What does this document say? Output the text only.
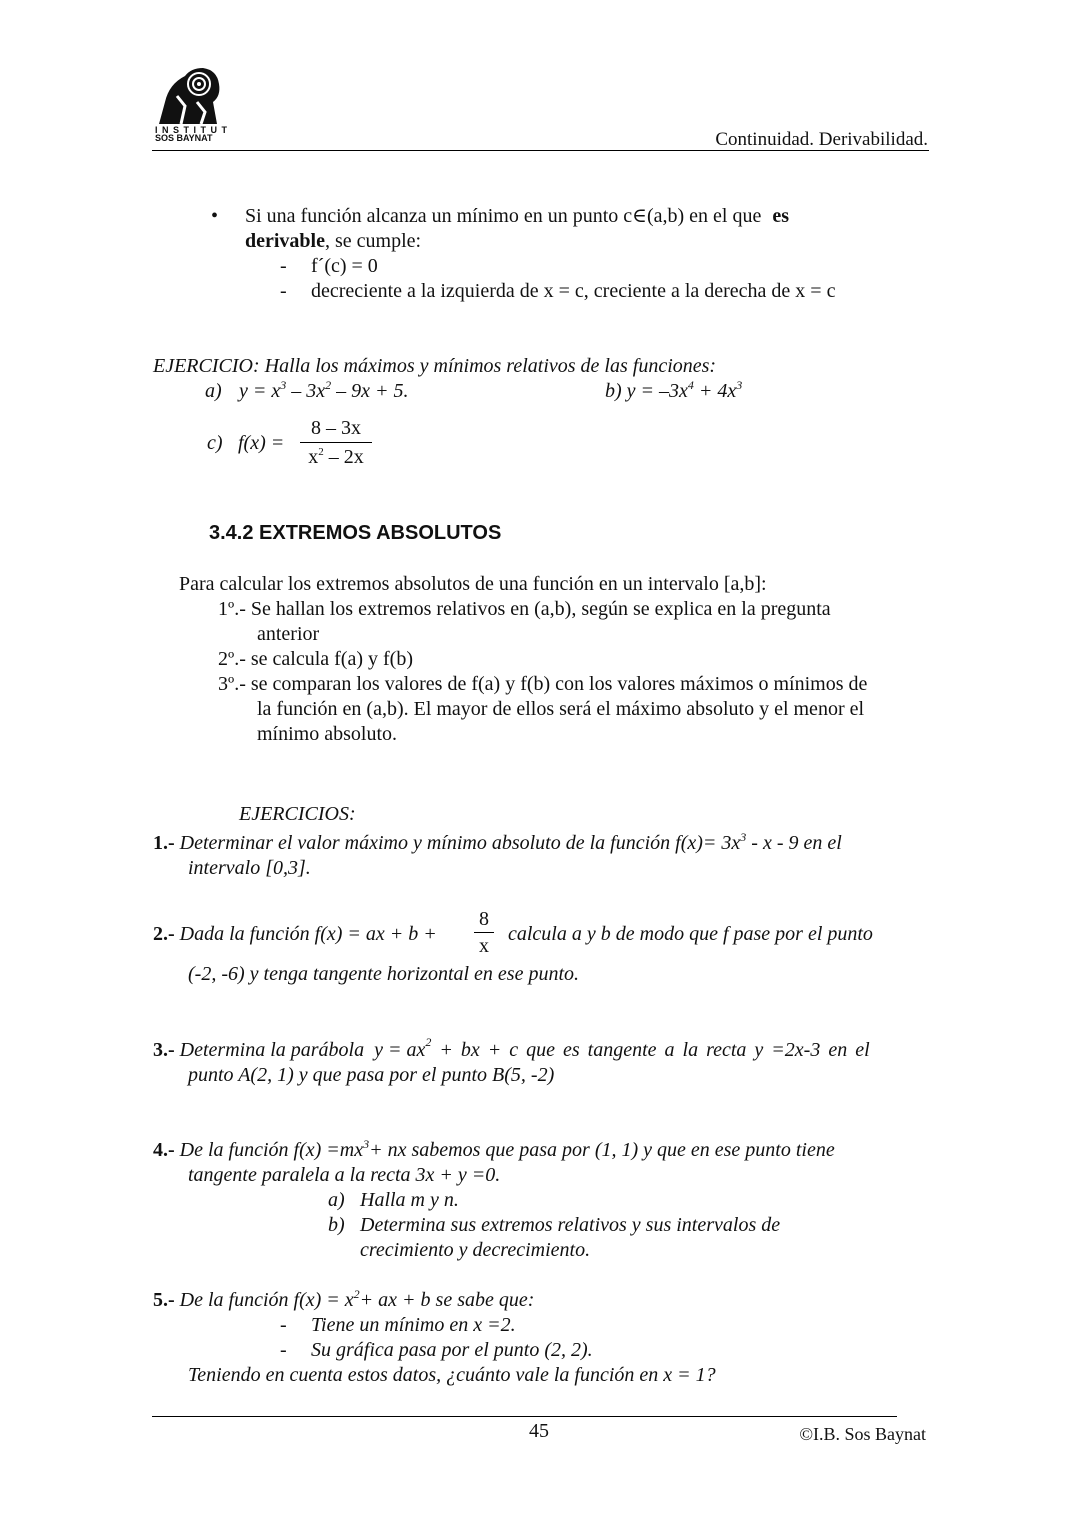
I N S T I T U T
SOS BAYNAT	Continuidad. Derivabilidad.
• Si una función alcanza un mínimo en un punto c∈(a,b) en el que es
derivable, se cumple:
- f´(c) = 0
- decreciente a la izquierda de x = c, creciente a la derecha de x = c
EJERCICIO: Halla los máximos y mínimos relativos de las funciones:
a) $y = x^3 - 3x^2 - 9x + 5$.	b) $y = -3x^4 + 4x^3$
c) f(x) =
8 – 3x
$x^2 - 2x$
3.4.2 EXTREMOS ABSOLUTOS
Para calcular los extremos absolutos de una función en un intervalo [a,b]:
1º.- Se hallan los extremos relativos en (a,b), según se explica en la pregunta
anterior
2º.- se calcula f(a) y f(b)
3º.- se comparan los valores de f(a) y f(b) con los valores máximos o mínimos de
la función en (a,b). El mayor de ellos será el máximo absoluto y el menor el
mínimo absoluto.
EJERCICIOS:
1.- Determinar el valor máximo y mínimo absoluto de la función $f(x)= 3x^3 - x - 9$ en el
intervalo [0,3].
2.- Dada la función f(x) = ax + b +
8
x
calcula a y b de modo que f pase por el punto
(-2, -6) y tenga tangente horizontal en ese punto.
3.- Determina la parábola  $y = ax^2$ + bx + c que es tangente a la recta y =2x-3 en el
punto A(2, 1) y que pasa por el punto B(5, -2)
4.- De la función $f(x) =mx^3+$ nx sabemos que pasa por (1, 1) y que en ese punto tiene
tangente paralela a la recta 3x + y =0.
a) Halla m y n.
b) Determina sus extremos relativos y sus intervalos de
crecimiento y decrecimiento.
5.- De la función $f(x) = x^2+$ ax + b se sabe que:
- Tiene un mínimo en x =2.
- Su gráfica pasa por el punto (2, 2).
Teniendo en cuenta estos datos, ¿cuánto vale la función en x = 1?
45	©I.B. Sos Baynat
